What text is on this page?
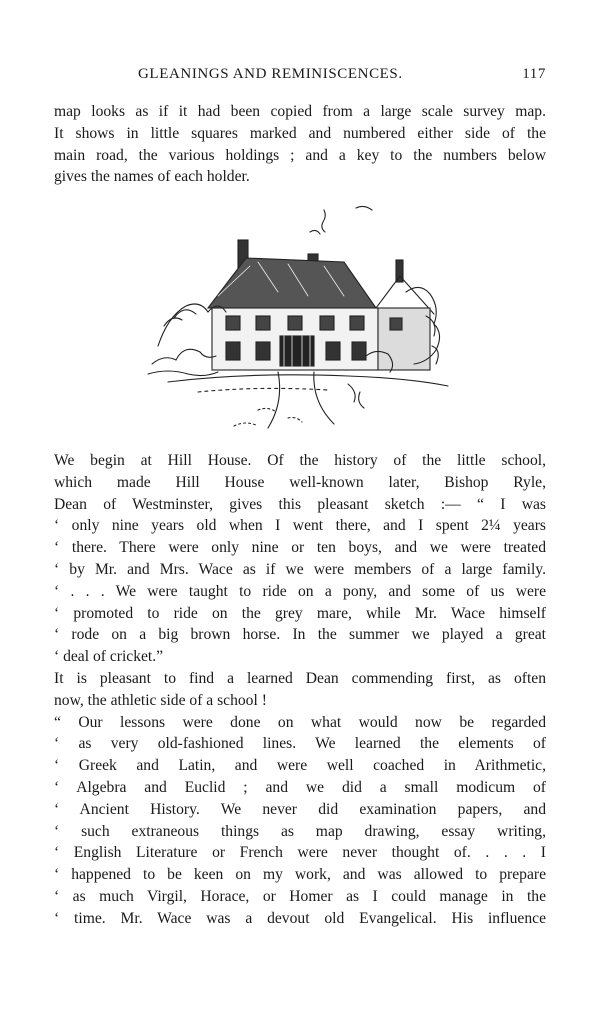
GLEANINGS AND REMINISCENCES.	117
map looks as if it had been copied from a large scale survey map.
It shows in little squares marked and numbered either side of the
main road, the various holdings ; and a key to the numbers below
gives the names of each holder.
We begin at Hill House. Of the history of the little school,
which made Hill House well-known later, Bishop Ryle,
Dean of Westminster, gives this pleasant sketch :— “ I was
‘ only nine years old when I went there, and I spent 2¼ years
‘ there. There were only nine or ten boys, and we were treated
‘ by Mr. and Mrs. Wace as if we were members of a large family.
‘ . . . We were taught to ride on a pony, and some of us were
‘ promoted to ride on the grey mare, while Mr. Wace himself
‘ rode on a big brown horse. In the summer we played a great
‘ deal of cricket.”
It is pleasant to find a learned Dean commending first, as often
now, the athletic side of a school !
“ Our lessons were done on what would now be regarded
‘ as very old-fashioned lines. We learned the elements of
‘ Greek and Latin, and were well coached in Arithmetic,
‘ Algebra and Euclid ; and we did a small modicum of
‘ Ancient History. We never did examination papers, and
‘ such extraneous things as map drawing, essay writing,
‘ English Literature or French were never thought of. . . . I
‘ happened to be keen on my work, and was allowed to prepare
‘ as much Virgil, Horace, or Homer as I could manage in the
‘ time. Mr. Wace was a devout old Evangelical. His influence
